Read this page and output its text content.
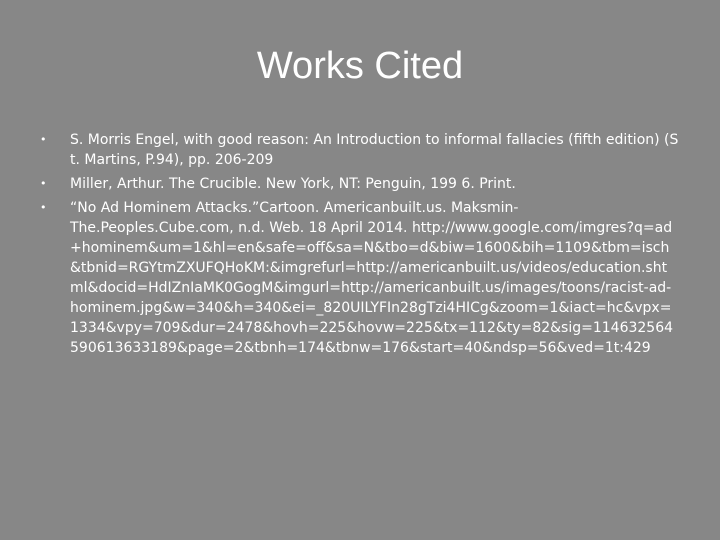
Works Cited
• S. Morris Engel, with good reason: An Introduction to informal fallacies (fifth edition) (St. Martins, P.94), pp. 206-209
• Miller, Arthur. The Crucible. New York, NT: Penguin, 199 6. Print.
• “No Ad Hominem Attacks.”Cartoon. Americanbuilt.us. Maksmin-The.Peoples.Cube.com, n.d. Web. 18 April 2014. http://www.google.com/imgres?q=ad+hominem&um=1&hl=en&safe=off&sa=N&tbo=d&biw=1600&bih=1109&tbm=isch&tbnid=RGYtmZXUFQHoKM:&imgrefurl=http://americanbuilt.us/videos/education.shtml&docid=HdIZnIaMK0GogM&imgurl=http://americanbuilt.us/images/toons/racist-ad-hominem.jpg&w=340&h=340&ei=_820UILYFIn28gTzi4HICg&zoom=1&iact=hc&vpx=1334&vpy=709&dur=2478&hovh=225&hovw=225&tx=112&ty=82&sig=114632564590613633189&page=2&tbnh=174&tbnw=176&start=40&ndsp=56&ved=1t:429
